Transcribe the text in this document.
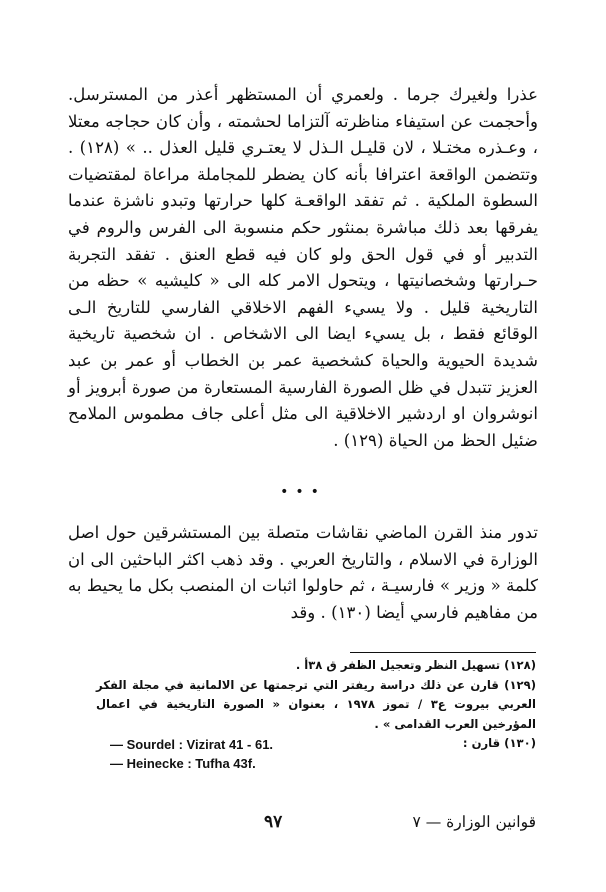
عذرا ولغيرك جرما . ولعمري أن المستظهر أعذر من المسترسل. وأحجمت عن استيفاء مناظرته آلتزاما لحشمته ، وأن كان حجاجه معتلا ، وعـذره مختـلا ، لان قليـل الـذل لا يعتـري قليل العذل .. » (١٢٨) . وتتضمن الواقعة اعترافا بأنه كان يضطر للمجاملة مراعاة لمقتضيات السطوة الملكية . ثم تفقد الواقعـة كلها حرارتها وتبدو ناشزة عندما يفرقها بعد ذلك مباشرة بمنثور حكم منسوبة الى الفرس والروم في التدبير أو في قول الحق ولو كان فيه قطع العنق . تفقد التجربة حـرارتها وشخصانيتها ، ويتحول الامر كله الى « كليشيه » حظه من التاريخية قليل . ولا يسيء الفهم الاخلاقي الفارسي للتاريخ الـى الوقائع فقط ، بل يسيء ايضا الى الاشخاص . ان شخصية تاريخية شديدة الحيوية والحياة كشخصية عمر بن الخطاب أو عمر بن عبد العزيز تتبدل في ظل الصورة الفارسية المستعارة من صورة أبرويز أو انوشروان او اردشير الاخلاقية الى مثل أعلى جاف مطموس الملامح ضئيل الحظ من الحياة (١٢٩) .

•••

تدور منذ القرن الماضي نقاشات متصلة بين المستشرقين حول اصل الوزارة في الاسلام ، والتاريخ العربي . وقد ذهب اكثر الباحثين الى ان كلمة « وزير » فارسيـة ، ثم حاولوا اثبات ان المنصب بكل ما يحيط به من مفاهيم فارسي أيضا (١٣٠) . وقد

(١٢٨) تسهيل النظر وتعجيل الظفر ق ٣٨أ .

(١٢٩) قارن عن ذلك دراسة ريفتر التي ترجمتها عن الالمانية في مجلة الفكر العربي بيروت ع٣ / تموز ١٩٧٨ ، بعنوان « الصورة التاريخية في اعمال المؤرخين العرب القدامى » .

(١٣٠) قارن :
— Sourdel : Vizirat 41 - 61.
— Heinecke : Tufha 43f.
قوانين الوزارة — ٧
٩٧
